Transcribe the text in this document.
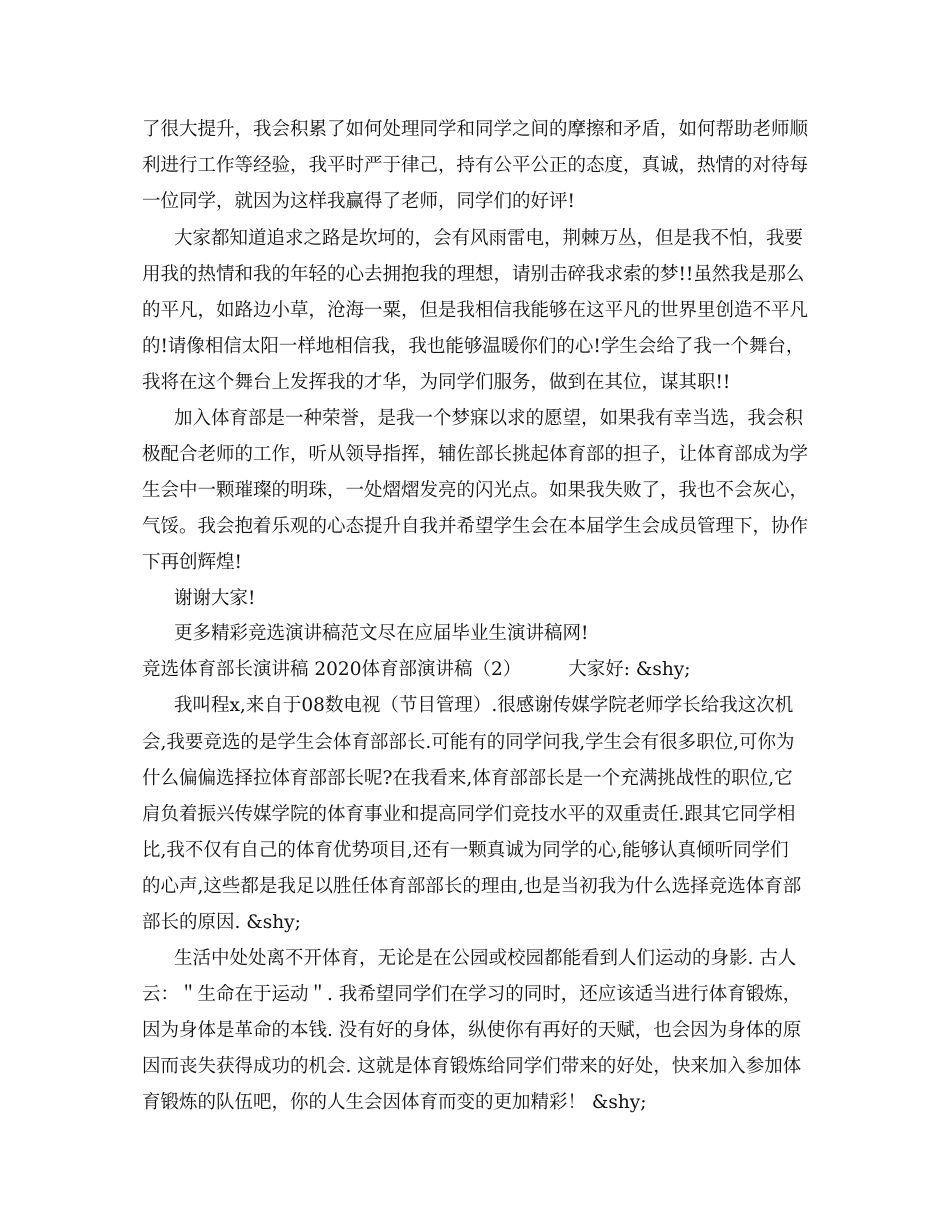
了很大提升，我会积累了如何处理同学和同学之间的摩擦和矛盾，如何帮助老师顺
利进行工作等经验，我平时严于律己，持有公平公正的态度，真诚，热情的对待每
一位同学，就因为这样我赢得了老师，同学们的好评!
大家都知道追求之路是坎坷的，会有风雨雷电，荆棘万丛，但是我不怕，我要
用我的热情和我的年轻的心去拥抱我的理想，请别击碎我求索的梦!!虽然我是那么
的平凡，如路边小草，沧海一粟，但是我相信我能够在这平凡的世界里创造不平凡
的!请像相信太阳一样地相信我，我也能够温暖你们的心!学生会给了我一个舞台，
我将在这个舞台上发挥我的才华，为同学们服务，做到在其位，谋其职!!
加入体育部是一种荣誉，是我一个梦寐以求的愿望，如果我有幸当选，我会积
极配合老师的工作，听从领导指挥，辅佐部长挑起体育部的担子，让体育部成为学
生会中一颗璀璨的明珠，一处熠熠发亮的闪光点。如果我失败了，我也不会灰心，
气馁。我会抱着乐观的心态提升自我并希望学生会在本届学生会成员管理下，协作
下再创辉煌!
谢谢大家!
更多精彩竞选演讲稿范文尽在应届毕业生演讲稿网!
竞选体育部长演讲稿 2020体育部演讲稿（2）        大家好: &shy;
我叫程x,来自于08数电视（节目管理）.很感谢传媒学院老师学长给我这次机
会,我要竞选的是学生会体育部部长.可能有的同学问我,学生会有很多职位,可你为
什么偏偏选择拉体育部部长呢?在我看来,体育部部长是一个充满挑战性的职位,它
肩负着振兴传媒学院的体育事业和提高同学们竞技水平的双重责任.跟其它同学相
比,我不仅有自己的体育优势项目,还有一颗真诚为同学的心,能够认真倾听同学们
的心声,这些都是我足以胜任体育部部长的理由,也是当初我为什么选择竞选体育部
部长的原因. &shy;
生活中处处离不开体育，无论是在公园或校园都能看到人们运动的身影. 古人
云：＂生命在于运动＂. 我希望同学们在学习的同时，还应该适当进行体育锻炼，
因为身体是革命的本钱. 没有好的身体，纵使你有再好的天赋，也会因为身体的原
因而丧失获得成功的机会. 这就是体育锻炼给同学们带来的好处，快来加入参加体
育锻炼的队伍吧，你的人生会因体育而变的更加精彩！ &shy;
